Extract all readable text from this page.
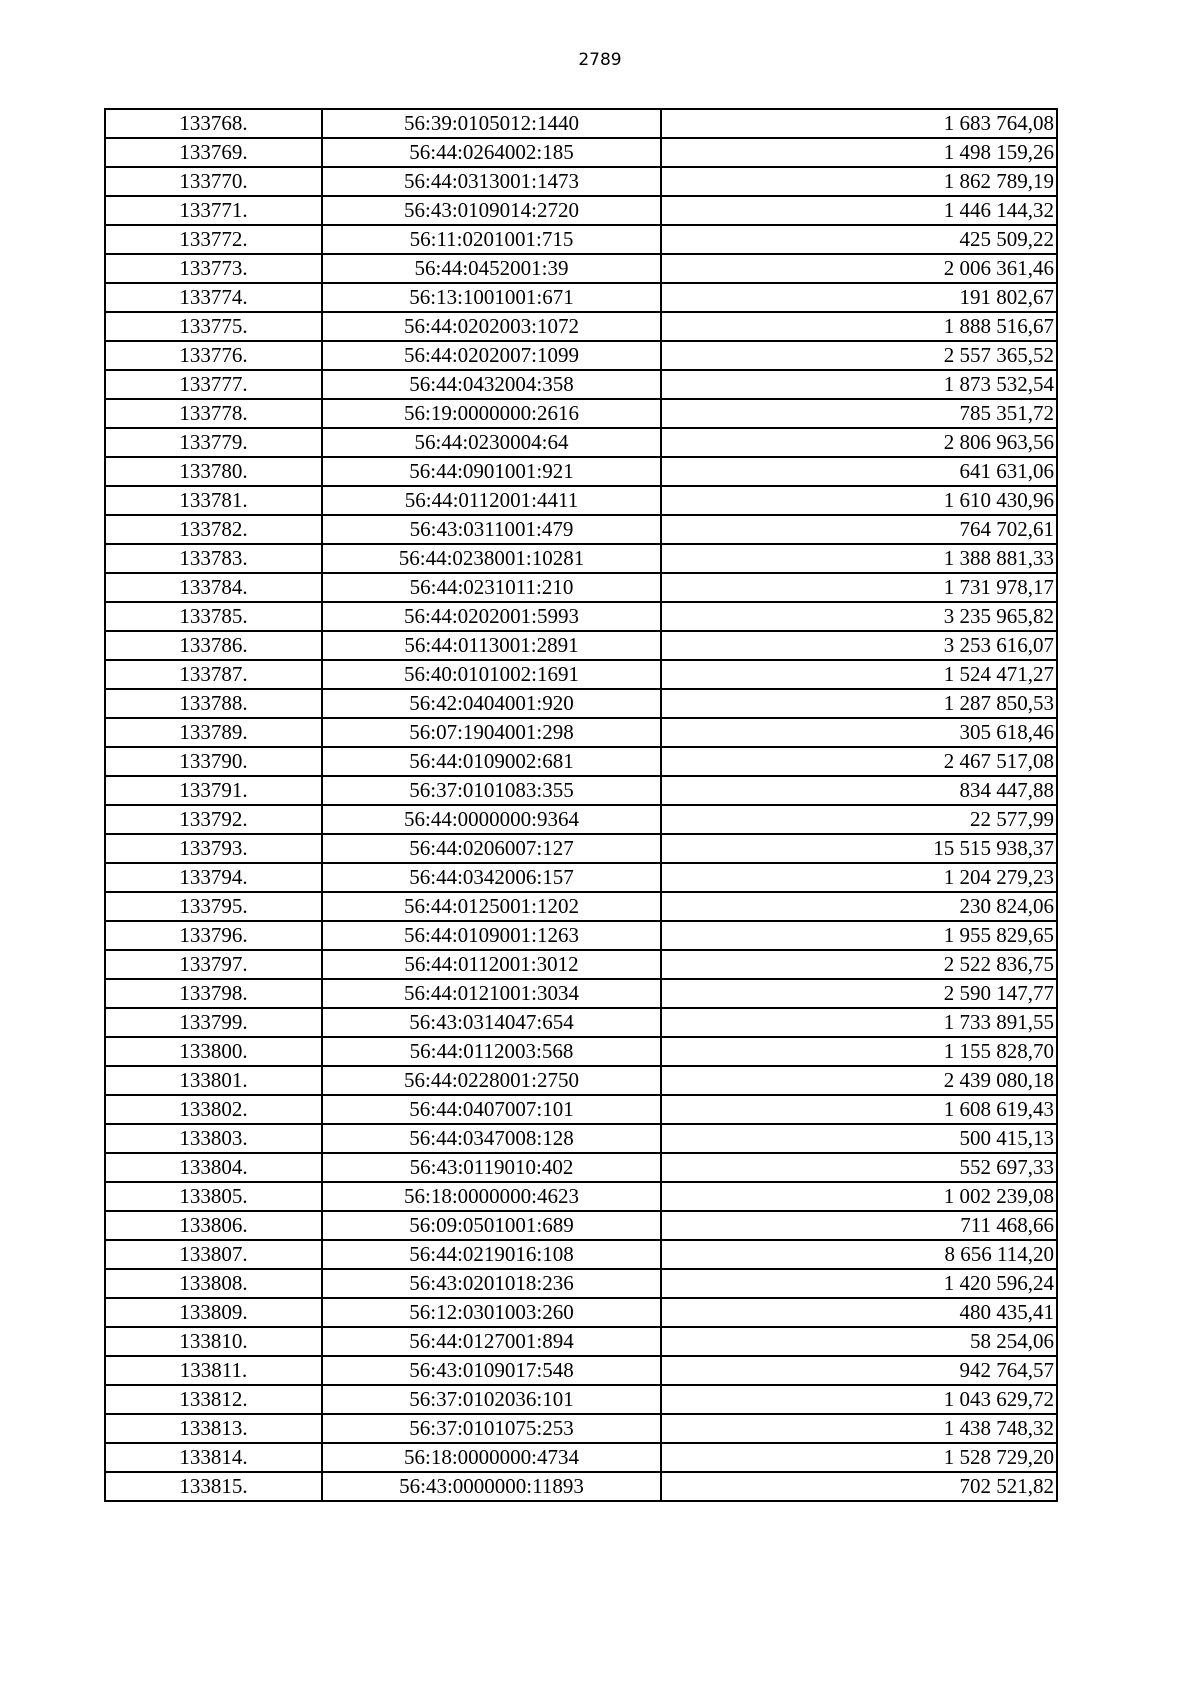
2789
133768.	56:39:0105012:1440	1 683 764,08
133769.	56:44:0264002:185	1 498 159,26
133770.	56:44:0313001:1473	1 862 789,19
133771.	56:43:0109014:2720	1 446 144,32
133772.	56:11:0201001:715	425 509,22
133773.	56:44:0452001:39	2 006 361,46
133774.	56:13:1001001:671	191 802,67
133775.	56:44:0202003:1072	1 888 516,67
133776.	56:44:0202007:1099	2 557 365,52
133777.	56:44:0432004:358	1 873 532,54
133778.	56:19:0000000:2616	785 351,72
133779.	56:44:0230004:64	2 806 963,56
133780.	56:44:0901001:921	641 631,06
133781.	56:44:0112001:4411	1 610 430,96
133782.	56:43:0311001:479	764 702,61
133783.	56:44:0238001:10281	1 388 881,33
133784.	56:44:0231011:210	1 731 978,17
133785.	56:44:0202001:5993	3 235 965,82
133786.	56:44:0113001:2891	3 253 616,07
133787.	56:40:0101002:1691	1 524 471,27
133788.	56:42:0404001:920	1 287 850,53
133789.	56:07:1904001:298	305 618,46
133790.	56:44:0109002:681	2 467 517,08
133791.	56:37:0101083:355	834 447,88
133792.	56:44:0000000:9364	22 577,99
133793.	56:44:0206007:127	15 515 938,37
133794.	56:44:0342006:157	1 204 279,23
133795.	56:44:0125001:1202	230 824,06
133796.	56:44:0109001:1263	1 955 829,65
133797.	56:44:0112001:3012	2 522 836,75
133798.	56:44:0121001:3034	2 590 147,77
133799.	56:43:0314047:654	1 733 891,55
133800.	56:44:0112003:568	1 155 828,70
133801.	56:44:0228001:2750	2 439 080,18
133802.	56:44:0407007:101	1 608 619,43
133803.	56:44:0347008:128	500 415,13
133804.	56:43:0119010:402	552 697,33
133805.	56:18:0000000:4623	1 002 239,08
133806.	56:09:0501001:689	711 468,66
133807.	56:44:0219016:108	8 656 114,20
133808.	56:43:0201018:236	1 420 596,24
133809.	56:12:0301003:260	480 435,41
133810.	56:44:0127001:894	58 254,06
133811.	56:43:0109017:548	942 764,57
133812.	56:37:0102036:101	1 043 629,72
133813.	56:37:0101075:253	1 438 748,32
133814.	56:18:0000000:4734	1 528 729,20
133815.	56:43:0000000:11893	702 521,82
